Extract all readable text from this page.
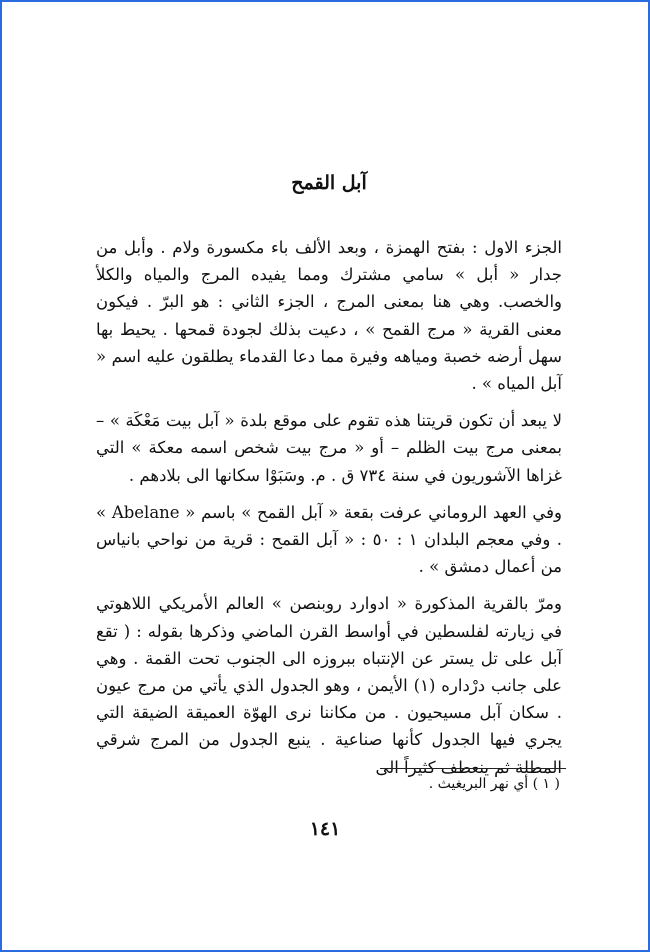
آبل القمح

الجزء الاول : بفتح الهمزة ، وبعد الألف باء مكسورة ولام . وأبل من جدار « أبل » سامي مشترك ومما يفيده المرج والمياه والكلأ والخصب. وهي هنا بمعنى المرج ، الجزء الثاني : هو البرّ . فيكون معنى القرية « مرج القمح » ، دعيت بذلك لجودة قمحها . يحيط بها سهل أرضه خصبة ومياهه وفيرة مما دعا القدماء يطلقون عليه اسم « آبل المياه » .

لا يبعد أن تكون قريتنا هذه تقوم على موقع بلدة « آبل بيت مَعْكَة » – بمعنى مرج بيت الظلم – أو « مرج بيت شخص اسمه معكة » التي غزاها الآشوريون في سنة ٧٣٤ ق . م. وسَبَوْا سكانها الى بلادهم .

وفي العهد الروماني عرفت بقعة « آبل القمح » باسم « Abelane » . وفي معجم البلدان ١ : ٥٠ : « آبل القمح : قرية من نواحي بانياس من أعمال دمشق » .

ومرّ بالقرية المذكورة « ادوارد روبنصن » العالم الأمريكي اللاهوتي في زيارته لفلسطين في أواسط القرن الماضي وذكرها بقوله : ( تقع آبل على تل يستر عن الإنتباه ببروزه الى الجنوب تحت القمة . وهي على جانب درْداره (١) الأيمن ، وهو الجدول الذي يأتي من مرج عيون . سكان آبل مسيحيون . من مكاننا نرى الهوّة العميقة الضيقة التي يجري فيها الجدول كأنها صناعية . ينبع الجدول من المرج شرقي المطلة ثم ينعطف كثيراً الى

( ١ ) أي نهر البريغيث .
١٤١
